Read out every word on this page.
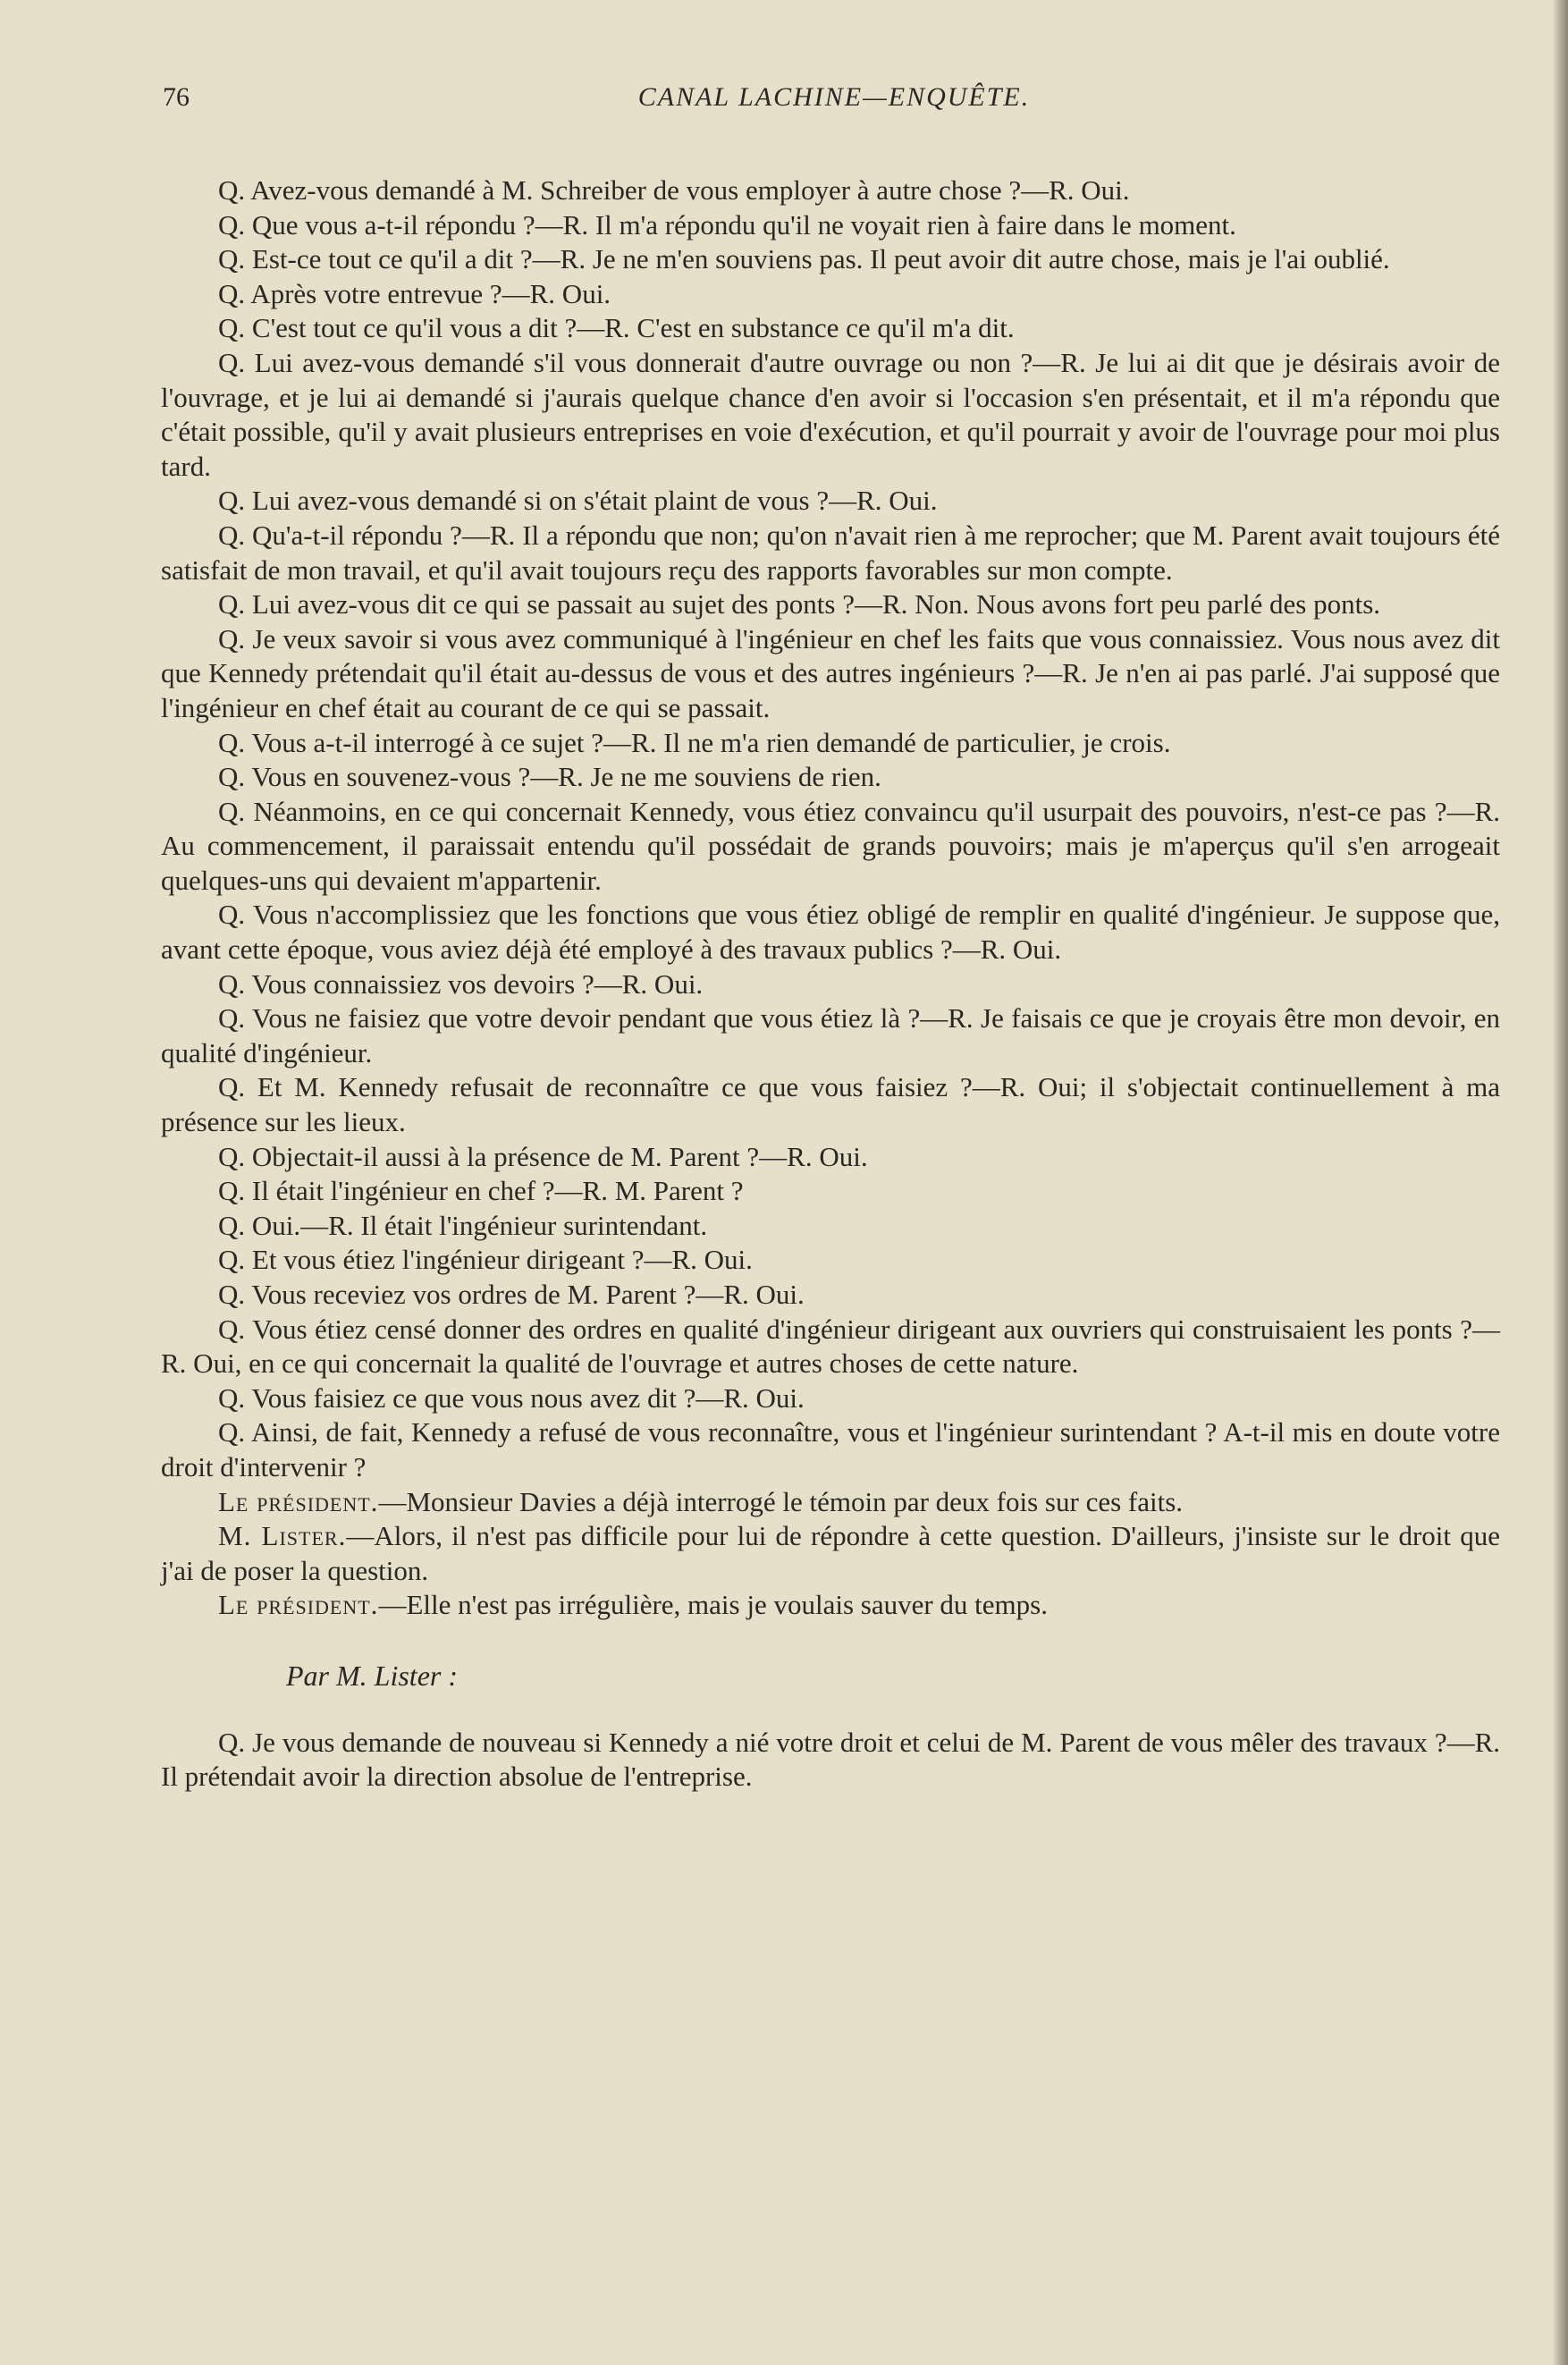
76	CANAL LACHINE—ENQUÊTE.

Q. Avez-vous demandé à M. Schreiber de vous employer à autre chose ?—R. Oui.

Q. Que vous a-t-il répondu ?—R. Il m'a répondu qu'il ne voyait rien à faire dans le moment.

Q. Est-ce tout ce qu'il a dit ?—R. Je ne m'en souviens pas. Il peut avoir dit autre chose, mais je l'ai oublié.

Q. Après votre entrevue ?—R. Oui.

Q. C'est tout ce qu'il vous a dit ?—R. C'est en substance ce qu'il m'a dit.

Q. Lui avez-vous demandé s'il vous donnerait d'autre ouvrage ou non ?—R. Je lui ai dit que je désirais avoir de l'ouvrage, et je lui ai demandé si j'aurais quelque chance d'en avoir si l'occasion s'en présentait, et il m'a répondu que c'était possible, qu'il y avait plusieurs entreprises en voie d'exécution, et qu'il pourrait y avoir de l'ouvrage pour moi plus tard.

Q. Lui avez-vous demandé si on s'était plaint de vous ?—R. Oui.

Q. Qu'a-t-il répondu ?—R. Il a répondu que non; qu'on n'avait rien à me reprocher; que M. Parent avait toujours été satisfait de mon travail, et qu'il avait toujours reçu des rapports favorables sur mon compte.

Q. Lui avez-vous dit ce qui se passait au sujet des ponts ?—R. Non. Nous avons fort peu parlé des ponts.

Q. Je veux savoir si vous avez communiqué à l'ingénieur en chef les faits que vous connaissiez. Vous nous avez dit que Kennedy prétendait qu'il était au-dessus de vous et des autres ingénieurs ?—R. Je n'en ai pas parlé. J'ai supposé que l'ingénieur en chef était au courant de ce qui se passait.

Q. Vous a-t-il interrogé à ce sujet ?—R. Il ne m'a rien demandé de particulier, je crois.

Q. Vous en souvenez-vous ?—R. Je ne me souviens de rien.

Q. Néanmoins, en ce qui concernait Kennedy, vous étiez convaincu qu'il usurpait des pouvoirs, n'est-ce pas ?—R. Au commencement, il paraissait entendu qu'il possédait de grands pouvoirs; mais je m'aperçus qu'il s'en arrogeait quelques-uns qui devaient m'appartenir.

Q. Vous n'accomplissiez que les fonctions que vous étiez obligé de remplir en qualité d'ingénieur. Je suppose que, avant cette époque, vous aviez déjà été employé à des travaux publics ?—R. Oui.

Q. Vous connaissiez vos devoirs ?—R. Oui.

Q. Vous ne faisiez que votre devoir pendant que vous étiez là ?—R. Je faisais ce que je croyais être mon devoir, en qualité d'ingénieur.

Q. Et M. Kennedy refusait de reconnaître ce que vous faisiez ?—R. Oui; il s'objectait continuellement à ma présence sur les lieux.

Q. Objectait-il aussi à la présence de M. Parent ?—R. Oui.

Q. Il était l'ingénieur en chef ?—R. M. Parent ?

Q. Oui.—R. Il était l'ingénieur surintendant.

Q. Et vous étiez l'ingénieur dirigeant ?—R. Oui.

Q. Vous receviez vos ordres de M. Parent ?—R. Oui.

Q. Vous étiez censé donner des ordres en qualité d'ingénieur dirigeant aux ouvriers qui construisaient les ponts ?—R. Oui, en ce qui concernait la qualité de l'ouvrage et autres choses de cette nature.

Q. Vous faisiez ce que vous nous avez dit ?—R. Oui.

Q. Ainsi, de fait, Kennedy a refusé de vous reconnaître, vous et l'ingénieur surintendant ? A-t-il mis en doute votre droit d'intervenir ?

Le président.—Monsieur Davies a déjà interrogé le témoin par deux fois sur ces faits.

M. Lister.—Alors, il n'est pas difficile pour lui de répondre à cette question. D'ailleurs, j'insiste sur le droit que j'ai de poser la question.

Le président.—Elle n'est pas irrégulière, mais je voulais sauver du temps.

Par M. Lister :

Q. Je vous demande de nouveau si Kennedy a nié votre droit et celui de M. Parent de vous mêler des travaux ?—R. Il prétendait avoir la direction absolue de l'entreprise.
